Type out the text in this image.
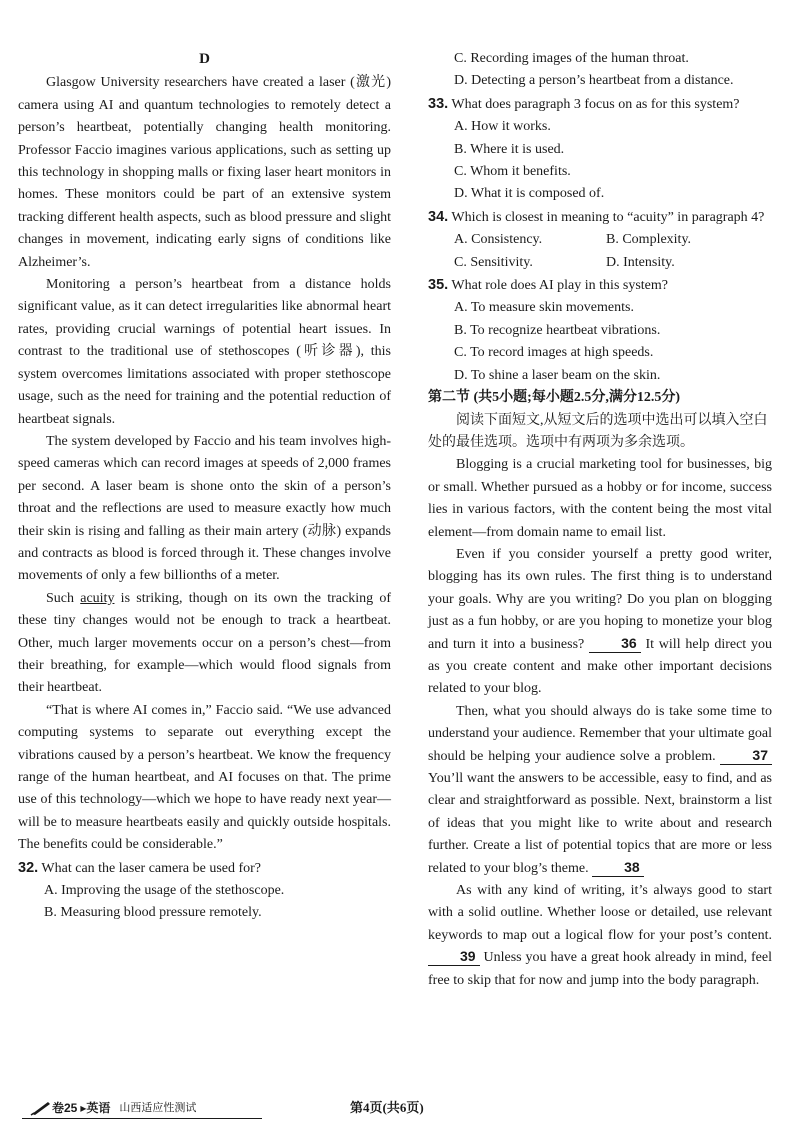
D

Glasgow University researchers have created a laser (激光) camera using AI and quantum technologies to remotely detect a person’s heartbeat, potentially changing health monitoring. Professor Faccio imagines various applications, such as setting up this technology in shopping malls or fixing laser heart monitors in homes. These monitors could be part of an extensive system tracking different health aspects, such as blood pressure and slight changes in movement, indicating early signs of conditions like Alzheimer’s.

Monitoring a person’s heartbeat from a distance holds significant value, as it can detect irregularities like abnormal heart rates, providing crucial warnings of potential heart issues. In contrast to the traditional use of stethoscopes (听诊器), this system overcomes limitations associated with proper stethoscope usage, such as the need for training and the potential reduction of heartbeat signals.

The system developed by Faccio and his team involves high-speed cameras which can record images at speeds of 2,000 frames per second. A laser beam is shone onto the skin of a person’s throat and the reflections are used to measure exactly how much their skin is rising and falling as their main artery (动脉) expands and contracts as blood is forced through it. These changes involve movements of only a few billionths of a meter.

Such acuity is striking, though on its own the tracking of these tiny changes would not be enough to track a heartbeat. Other, much larger movements occur on a person’s chest—from their breathing, for example—which would flood signals from their heartbeat.

“That is where AI comes in,” Faccio said. “We use advanced computing systems to separate out everything except the vibrations caused by a person’s heartbeat. We know the frequency range of the human heartbeat, and AI focuses on that. The prime use of this technology—which we hope to have ready next year—will be to measure heartbeats easily and quickly outside hospitals. The benefits could be considerable.”

32. What can the laser camera be used for?
A. Improving the usage of the stethoscope.
B. Measuring blood pressure remotely.
C. Recording images of the human throat.
D. Detecting a person’s heartbeat from a distance.
33. What does paragraph 3 focus on as for this system?
A. How it works.
B. Where it is used.
C. Whom it benefits.
D. What it is composed of.
34. Which is closest in meaning to “acuity” in paragraph 4?
A. Consistency.	B. Complexity.
C. Sensitivity.	D. Intensity.
35. What role does AI play in this system?
A. To measure skin movements.
B. To recognize heartbeat vibrations.
C. To record images at high speeds.
D. To shine a laser beam on the skin.
第二节 (共5小题;每小题2.5分,满分12.5分)
阅读下面短文,从短文后的选项中选出可以填入空白处的最佳选项。选项中有两项为多余选项。

Blogging is a crucial marketing tool for businesses, big or small. Whether pursued as a hobby or for income, success lies in various factors, with the content being the most vital element—from domain name to email list.

Even if you consider yourself a pretty good writer, blogging has its own rules. The first thing is to understand your goals. Why are you writing? Do you plan on blogging just as a fun hobby, or are you hoping to monetize your blog and turn it into a business?	36 It will help direct you as you create content and make other important decisions related to your blog.

Then, what you should always do is take some time to understand your audience. Remember that your ultimate goal should be helping your audience solve a problem. 37 You’ll want the answers to be accessible, easy to find, and as clear and straightforward as possible. Next, brainstorm a list of ideas that you might like to write about and research further. Create a list of potential topics that are more or less related to your blog’s theme. 38

As with any kind of writing, it’s always good to start with a solid outline. Whether loose or detailed, use relevant keywords to map out a logical flow for your post’s content. 39 Unless you have a great hook already in mind, feel free to skip that for now and jump into the body paragraph.

卷25 ▸ 英语 山西适应性测试	第4页(共6页)
